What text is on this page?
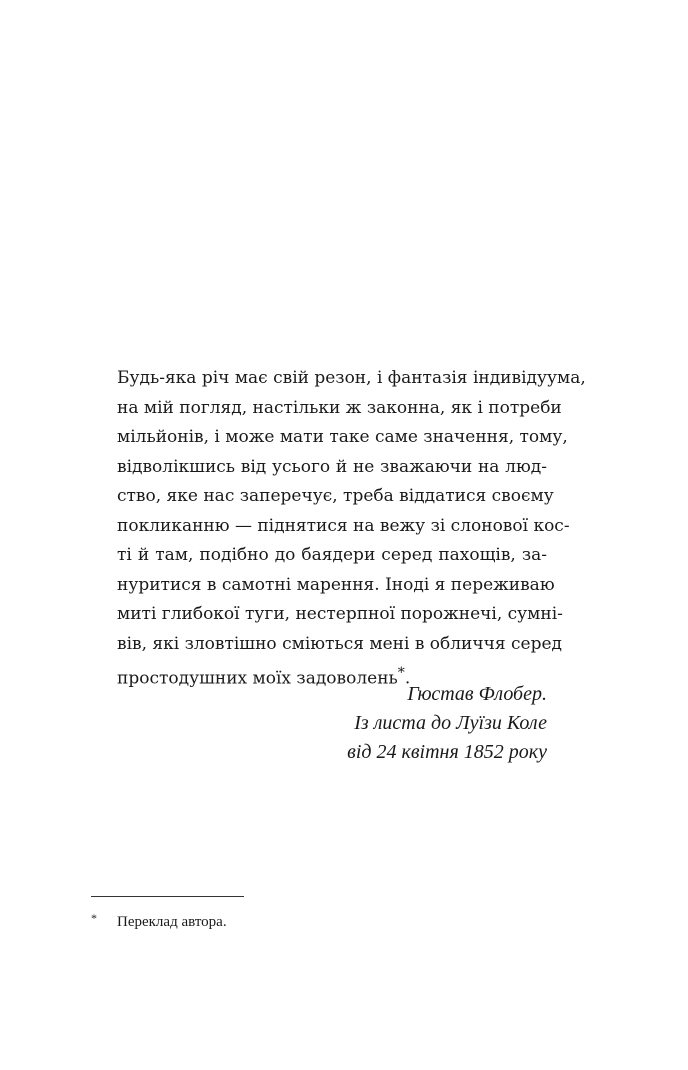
Будь-яка річ має свій резон, і фантазія індивідуума,
на мій погляд, настільки ж законна, як і потреби
мільйонів, і може мати таке саме значення, тому,
відволікшись від усього й не зважаючи на люд-
ство, яке нас заперечує, треба віддатися своєму
покликанню — піднятися на вежу зі слонової кос-
ті й там, подібно до баядери серед пахощів, за-
нуритися в самотні марення. Іноді я переживаю
миті глибокої туги, нестерпної порожнечі, сумні-
вів, які зловтішно сміються мені в обличчя серед
простодушних моїх задоволень*.
Гюстав Флобер.
Із листа до Луїзи Коле
від 24 квітня 1852 року
* Переклад автора.
